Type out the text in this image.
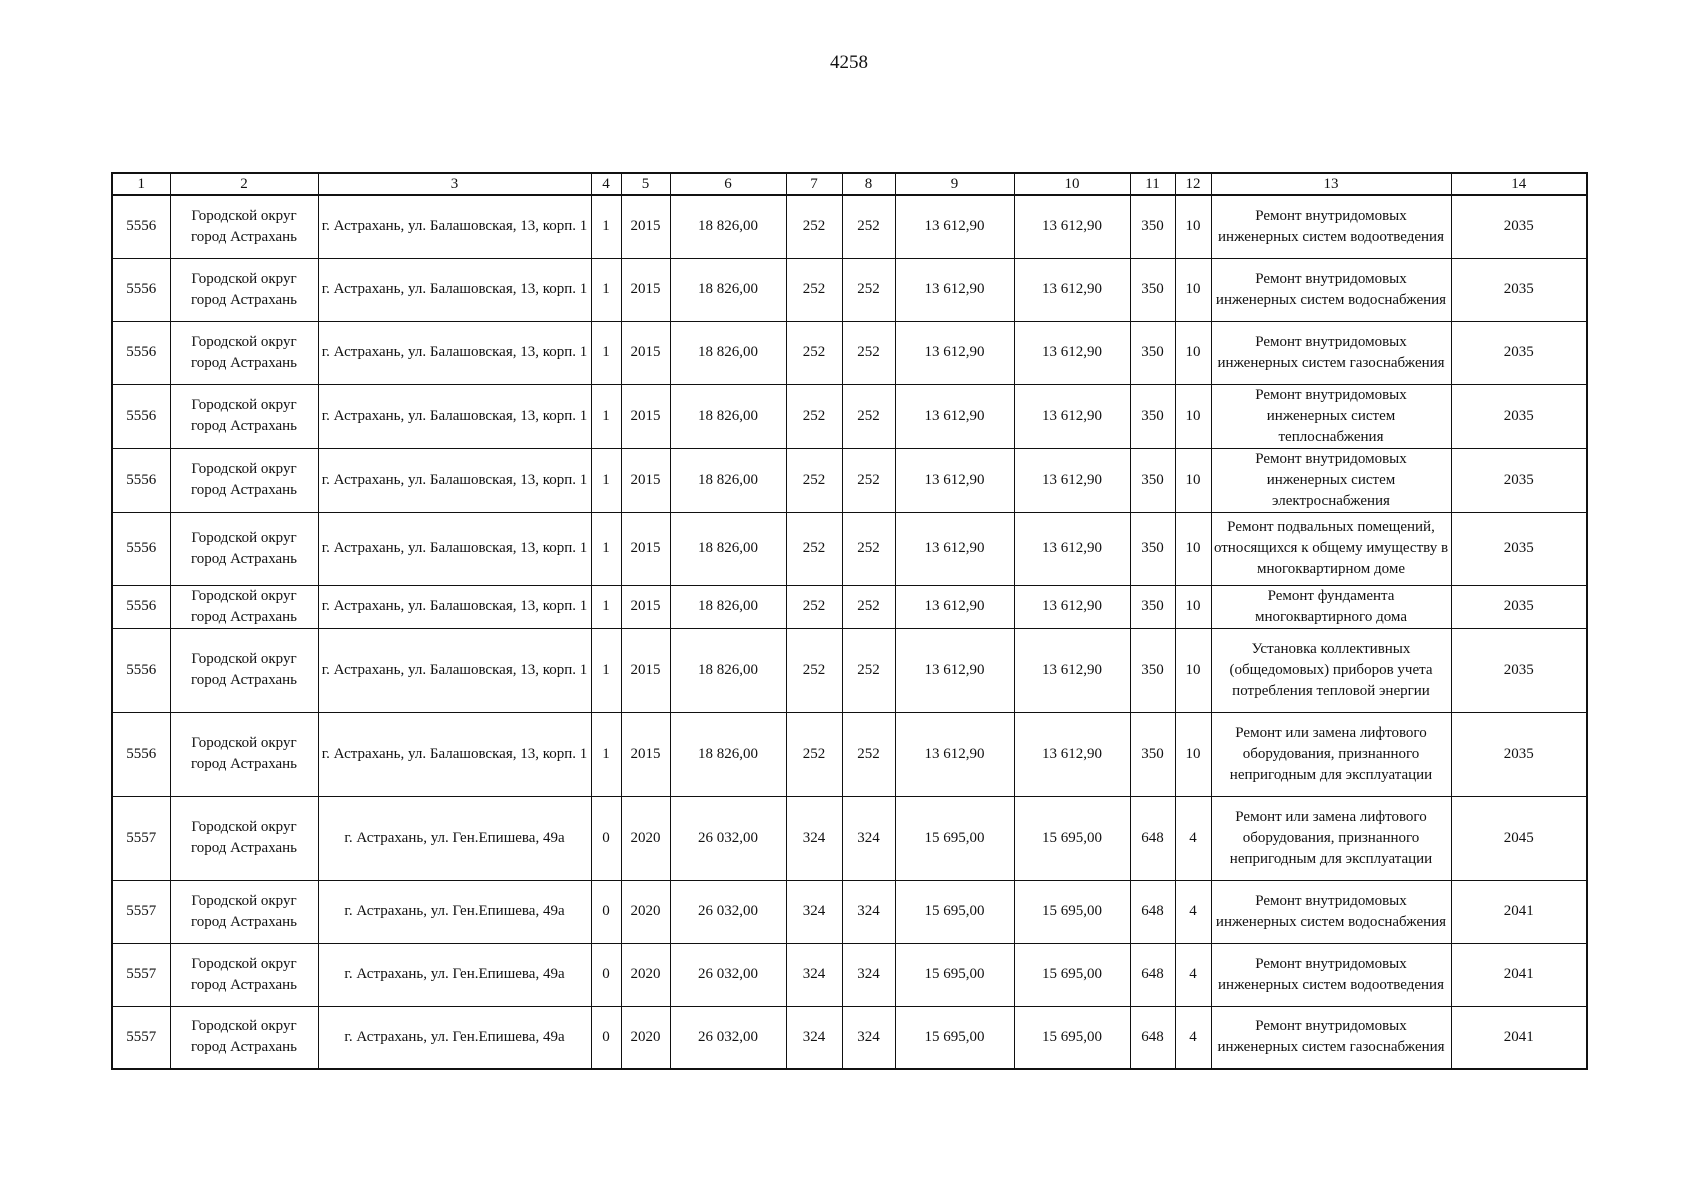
4258
1	2	3	4	5	6	7	8	9	10	11	12	13	14
5556	Городской округ город Астрахань	г. Астрахань, ул. Балашовская, 13, корп. 1	1	2015	18 826,00	252	252	13 612,90	13 612,90	350	10	Ремонт внутридомовых инженерных систем водоотведения	2035
5556	Городской округ город Астрахань	г. Астрахань, ул. Балашовская, 13, корп. 1	1	2015	18 826,00	252	252	13 612,90	13 612,90	350	10	Ремонт внутридомовых инженерных систем водоснабжения	2035
5556	Городской округ город Астрахань	г. Астрахань, ул. Балашовская, 13, корп. 1	1	2015	18 826,00	252	252	13 612,90	13 612,90	350	10	Ремонт внутридомовых инженерных систем газоснабжения	2035
5556	Городской округ город Астрахань	г. Астрахань, ул. Балашовская, 13, корп. 1	1	2015	18 826,00	252	252	13 612,90	13 612,90	350	10	Ремонт внутридомовых инженерных систем теплоснабжения	2035
5556	Городской округ город Астрахань	г. Астрахань, ул. Балашовская, 13, корп. 1	1	2015	18 826,00	252	252	13 612,90	13 612,90	350	10	Ремонт внутридомовых инженерных систем электроснабжения	2035
5556	Городской округ город Астрахань	г. Астрахань, ул. Балашовская, 13, корп. 1	1	2015	18 826,00	252	252	13 612,90	13 612,90	350	10	Ремонт подвальных помещений, относящихся к общему имуществу в многоквартирном доме	2035
5556	Городской округ город Астрахань	г. Астрахань, ул. Балашовская, 13, корп. 1	1	2015	18 826,00	252	252	13 612,90	13 612,90	350	10	Ремонт фундамента многоквартирного дома	2035
5556	Городской округ город Астрахань	г. Астрахань, ул. Балашовская, 13, корп. 1	1	2015	18 826,00	252	252	13 612,90	13 612,90	350	10	Установка коллективных (общедомовых) приборов учета потребления тепловой энергии	2035
5556	Городской округ город Астрахань	г. Астрахань, ул. Балашовская, 13, корп. 1	1	2015	18 826,00	252	252	13 612,90	13 612,90	350	10	Ремонт или замена лифтового оборудования, признанного непригодным для эксплуатации	2035
5557	Городской округ город Астрахань	г. Астрахань, ул. Ген.Епишева, 49а	0	2020	26 032,00	324	324	15 695,00	15 695,00	648	4	Ремонт или замена лифтового оборудования, признанного непригодным для эксплуатации	2045
5557	Городской округ город Астрахань	г. Астрахань, ул. Ген.Епишева, 49а	0	2020	26 032,00	324	324	15 695,00	15 695,00	648	4	Ремонт внутридомовых инженерных систем водоснабжения	2041
5557	Городской округ город Астрахань	г. Астрахань, ул. Ген.Епишева, 49а	0	2020	26 032,00	324	324	15 695,00	15 695,00	648	4	Ремонт внутридомовых инженерных систем водоотведения	2041
5557	Городской округ город Астрахань	г. Астрахань, ул. Ген.Епишева, 49а	0	2020	26 032,00	324	324	15 695,00	15 695,00	648	4	Ремонт внутридомовых инженерных систем газоснабжения	2041
